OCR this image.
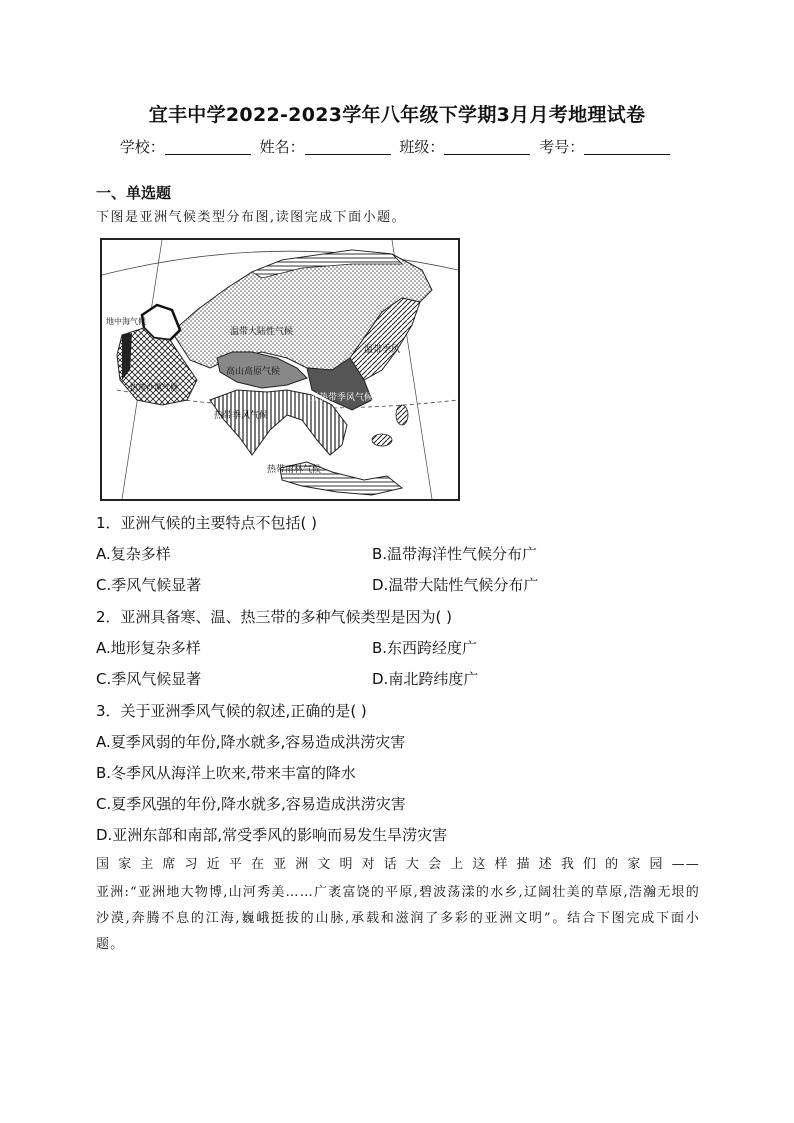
宜丰中学2022-2023学年八年级下学期3月月考地理试卷
学校：	姓名：	班级：	考号：
一、单选题
下图是亚洲气候类型分布图,读图完成下面小题。
温带大陆性气候
高山高原气候
热带季风气候
亚热带季风气候
温带季风
热带雨林气候
地中海气候
热带沙漠气候
1．亚洲气候的主要特点不包括( )
A.复杂多样	B.温带海洋性气候分布广
C.季风气候显著	D.温带大陆性气候分布广
2．亚洲具备寒、温、热三带的多种气候类型是因为( )
A.地形复杂多样	B.东西跨经度广
C.季风气候显著	D.南北跨纬度广
3．关于亚洲季风气候的叙述,正确的是( )
A.夏季风弱的年份,降水就多,容易造成洪涝灾害
B.冬季风从海洋上吹来,带来丰富的降水
C.夏季风强的年份,降水就多,容易造成洪涝灾害
D.亚洲东部和南部,常受季风的影响而易发生旱涝灾害
国家主席习近平在亚洲文明对话大会上这样描述我们的家园——
亚洲:“亚洲地大物博,山河秀美……广袤富饶的平原,碧波荡漾的水乡,辽阔壮美的草原,浩瀚无垠的沙漠,奔腾不息的江海,巍峨挺拔的山脉,承载和滋润了多彩的亚洲文明”。结合下图完成下面小题。
